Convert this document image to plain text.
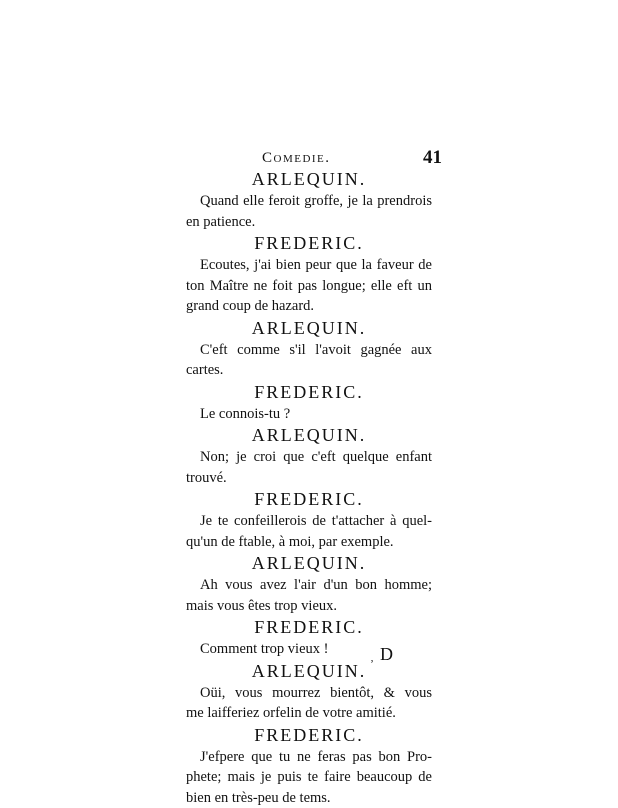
Comedie.	41
ARLEQUIN.
Quand elle feroit groffe, je la prendrois
en patience.
FREDERIC.
Ecoutes, j'ai bien peur que la faveur de
ton Maître ne foit pas longue; elle eft un
grand coup de hazard.
ARLEQUIN.
C'eft comme s'il l'avoit gagnée aux
cartes.
FREDERIC.
Le connois-tu ?
ARLEQUIN.
Non; je croi que c'eft quelque enfant
trouvé.
FREDERIC.
Je te confeillerois de t'attacher à quel-
qu'un de ftable, à moi, par exemple.
ARLEQUIN.
Ah vous avez l'air d'un bon homme;
mais vous êtes trop vieux.
FREDERIC.
Comment trop vieux !
ARLEQUIN.
Oüi, vous mourrez bientôt, & vous
me laifferiez orfelin de votre amitié.
FREDERIC.
J'efpere que tu ne feras pas bon Pro-
phete; mais je puis te faire beaucoup de
bien en très-peu de tems.
‚ D
